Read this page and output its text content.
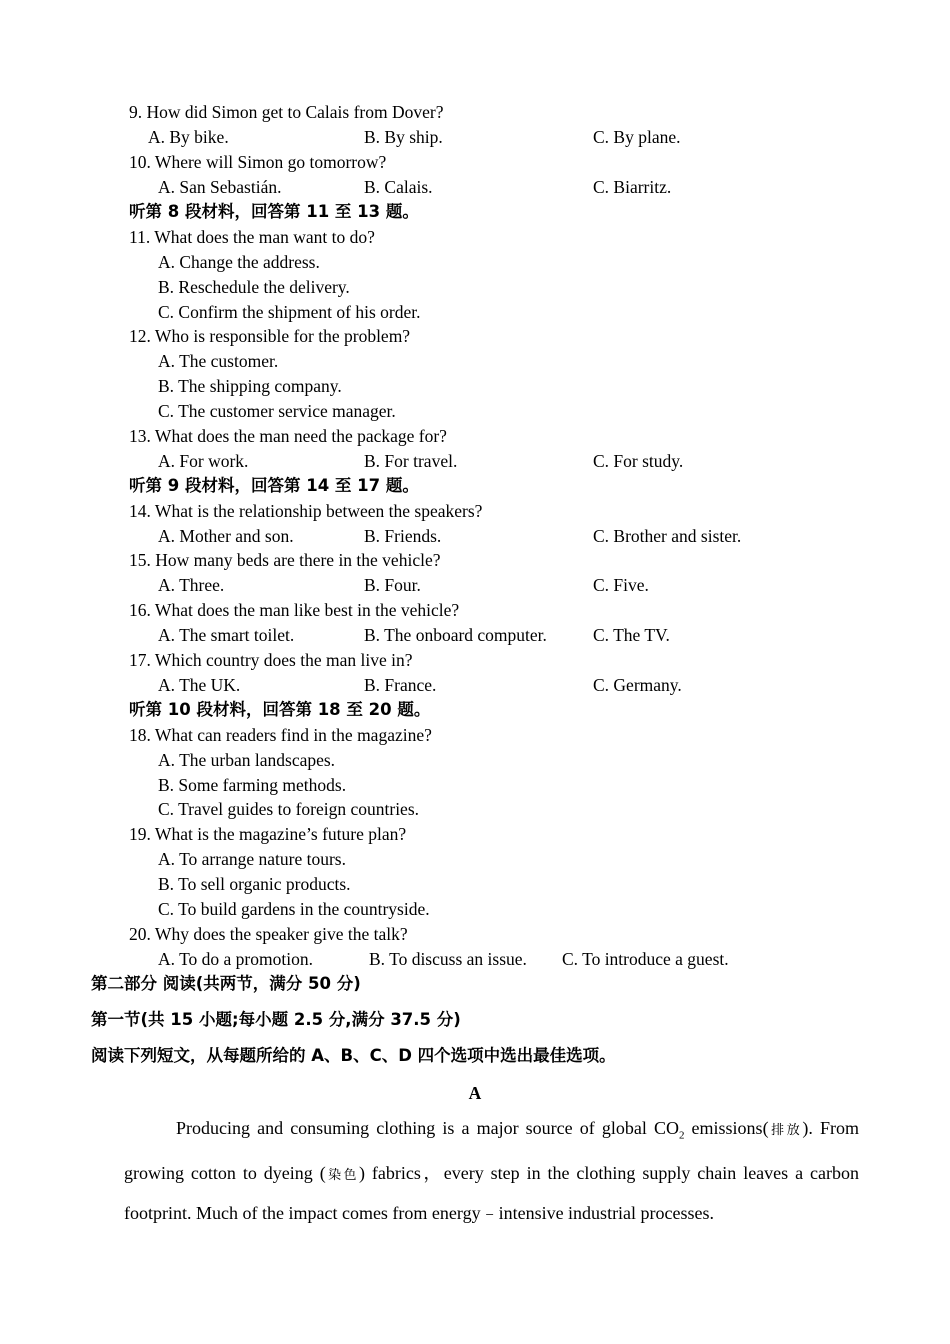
9. How did Simon get to Calais from Dover?
A. By bike.	B. By ship.	C. By plane.
10. Where will Simon go tomorrow?
A. San Sebastián.	B. Calais.	C. Biarritz.
听第 8 段材料，回答第 11 至 13 题。
11. What does the man want to do?
A. Change the address.
B. Reschedule the delivery.
C. Confirm the shipment of his order.
12. Who is responsible for the problem?
A. The customer.
B. The shipping company.
C. The customer service manager.
13. What does the man need the package for?
A. For work.	B. For travel.	C. For study.
听第 9 段材料，回答第 14 至 17 题。
14. What is the relationship between the speakers?
A. Mother and son.	B. Friends.	C. Brother and sister.
15. How many beds are there in the vehicle?
A. Three.	B. Four.	C. Five.
16. What does the man like best in the vehicle?
A. The smart toilet.	B. The onboard computer.	C. The TV.
17. Which country does the man live in?
A. The UK.	B. France.	C. Germany.
听第 10 段材料，回答第 18 至 20 题。
18. What can readers find in the magazine?
A. The urban landscapes.
B. Some farming methods.
C. Travel guides to foreign countries.
19. What is the magazine’s future plan?
A. To arrange nature tours.
B. To sell organic products.
C. To build gardens in the countryside.
20. Why does the speaker give the talk?
A. To do a promotion.	B. To discuss an issue. C. To introduce a guest.
第二部分 阅读(共两节，满分 50 分)
第一节(共 15 小题;每小题 2.5 分,满分 37.5 分)
阅读下列短文，从每题所给的 A、B、C、D 四个选项中选出最佳选项。
A
Producing and consuming clothing is a major source of global $CO_2$ emissions(排放). From growing cotton to dyeing (染色) fabrics，every step in the clothing supply chain leaves a carbon footprint. Much of the impact comes from energy﹣intensive industrial processes.
